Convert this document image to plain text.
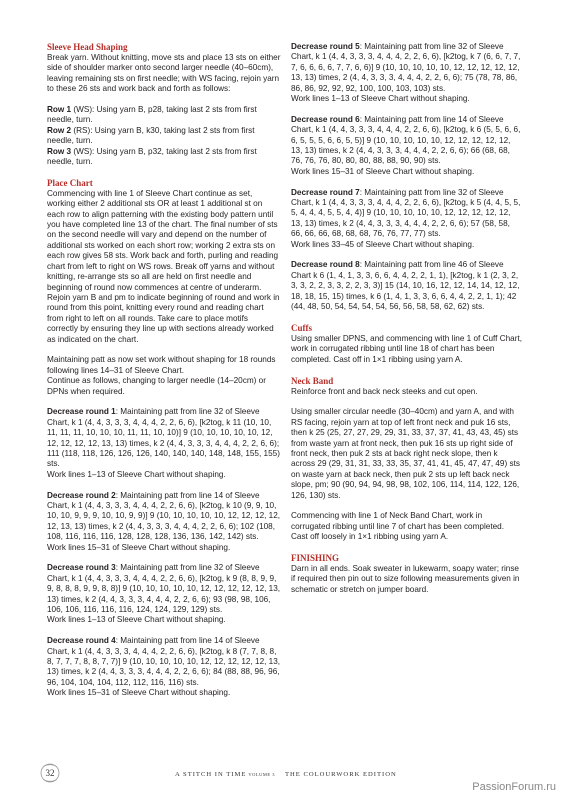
Sleeve Head Shaping

Break yarn. Without knitting, move sts and place 13 sts on either side of shoulder marker onto second larger needle (40–60cm), leaving remaining sts on first needle; with WS facing, rejoin yarn to these 26 sts and work back and forth as follows:

Row 1 (WS): Using yarn B, p28, taking last 2 sts from first needle, turn.

Row 2 (RS): Using yarn B, k30, taking last 2 sts from first needle, turn.

Row 3 (WS): Using yarn B, p32, taking last 2 sts from first needle, turn.

Place Chart

Commencing with line 1 of Sleeve Chart continue as set, working either 2 additional sts OR at least 1 additional st on each row to align patterning with the existing body pattern until you have completed line 13 of the chart. The final number of sts on the second needle will vary and depend on the number of additional sts worked on each short row; working 2 extra sts on each row gives 58 sts. Work back and forth, purling and reading chart from left to right on WS rows. Break off yarns and without knitting, re-arrange sts so all are held on first needle and beginning of round now commences at centre of underarm. Rejoin yarn B and pm to indicate beginning of round and work in round from this point, knitting every round and reading chart from right to left on all rounds. Take care to place motifs correctly by ensuring they line up with sections already worked as indicated on the chart.

Maintaining patt as now set work without shaping for 18 rounds following lines 14–31 of Sleeve Chart.
Continue as follows, changing to larger needle (14–20cm) or DPNs when required.

Decrease round 1: Maintaining patt from line 32 of Sleeve Chart, k 1 (4, 4, 3, 3, 3, 4, 4, 4, 2, 2, 6, 6), [k2tog, k 11 (10, 10, 11, 11, 11, 10, 10, 10, 11, 11, 10, 10)] 9 (10, 10, 10, 10, 10, 12, 12, 12, 12, 12, 13, 13) times, k 2 (4, 4, 3, 3, 3, 4, 4, 4, 2, 2, 6, 6); 111 (118, 118, 126, 126, 126, 140, 140, 140, 148, 148, 155, 155) sts.
Work lines 1–13 of Sleeve Chart without shaping.

Decrease round 2: Maintaining patt from line 14 of Sleeve Chart, k 1 (4, 4, 3, 3, 3, 4, 4, 4, 2, 2, 6, 6), [k2tog, k 10 (9, 9, 10, 10, 10, 9, 9, 9, 10, 10, 9, 9)] 9 (10, 10, 10, 10, 10, 12, 12, 12, 12, 12, 13, 13) times, k 2 (4, 4, 3, 3, 3, 4, 4, 4, 2, 2, 6, 6); 102 (108, 108, 116, 116, 116, 128, 128, 128, 136, 136, 142, 142) sts.
Work lines 15–31 of Sleeve Chart without shaping.

Decrease round 3: Maintaining patt from line 32 of Sleeve Chart, k 1 (4, 4, 3, 3, 3, 4, 4, 4, 2, 2, 6, 6), [k2tog, k 9 (8, 8, 9, 9, 9, 8, 8, 8, 9, 9, 8, 8)] 9 (10, 10, 10, 10, 10, 12, 12, 12, 12, 12, 13, 13) times, k 2 (4, 4, 3, 3, 3, 4, 4, 4, 2, 2, 6, 6); 93 (98, 98, 106, 106, 106, 116, 116, 116, 124, 124, 129, 129) sts.
Work lines 1–13 of Sleeve Chart without shaping.

Decrease round 4: Maintaining patt from line 14 of Sleeve Chart, k 1 (4, 4, 3, 3, 3, 4, 4, 4, 2, 2, 6, 6), [k2tog, k 8 (7, 7, 8, 8, 8, 7, 7, 7, 8, 8, 7, 7)] 9 (10, 10, 10, 10, 10, 12, 12, 12, 12, 12, 13, 13) times, k 2 (4, 4, 3, 3, 3, 4, 4, 4, 2, 2, 6, 6); 84 (88, 88, 96, 96, 96, 104, 104, 104, 112, 112, 116, 116) sts.
Work lines 15–31 of Sleeve Chart without shaping.

Decrease round 5: Maintaining patt from line 32 of Sleeve Chart, k 1 (4, 4, 3, 3, 3, 4, 4, 4, 2, 2, 6, 6), [k2tog, k 7 (6, 6, 7, 7, 7, 6, 6, 6, 6, 7, 7, 6, 6)] 9 (10, 10, 10, 10, 10, 12, 12, 12, 12, 12, 13, 13) times, 2 (4, 4, 3, 3, 3, 4, 4, 4, 2, 2, 6, 6); 75 (78, 78, 86, 86, 86, 92, 92, 92, 100, 100, 103, 103) sts.
Work lines 1–13 of Sleeve Chart without shaping.

Decrease round 6: Maintaining patt from line 14 of Sleeve Chart, k 1 (4, 4, 3, 3, 3, 4, 4, 4, 2, 2, 6, 6), [k2tog, k 6 (5, 5, 6, 6, 6, 5, 5, 5, 6, 6, 5, 5)] 9 (10, 10, 10, 10, 10, 12, 12, 12, 12, 12, 13, 13) times, k 2 (4, 4, 3, 3, 3, 4, 4, 4, 2, 2, 6, 6); 66 (68, 68, 76, 76, 76, 80, 80, 80, 88, 88, 90, 90) sts.
Work lines 15–31 of Sleeve Chart without shaping.

Decrease round 7: Maintaining patt from line 32 of Sleeve Chart, k 1 (4, 4, 3, 3, 3, 4, 4, 4, 2, 2, 6, 6), [k2tog, k 5 (4, 4, 5, 5, 5, 4, 4, 4, 5, 5, 4, 4)] 9 (10, 10, 10, 10, 10, 12, 12, 12, 12, 12, 13, 13) times, k 2 (4, 4, 3, 3, 3, 4, 4, 4, 2, 2, 6, 6); 57 (58, 58, 66, 66, 66, 68, 68, 68, 76, 76, 77, 77) sts.
Work lines 33–45 of Sleeve Chart without shaping.

Decrease round 8: Maintaining patt from line 46 of Sleeve Chart k 6 (1, 4, 1, 3, 3, 6, 6, 4, 4, 2, 2, 1, 1), [k2tog, k 1 (2, 3, 2, 3, 3, 2, 2, 3, 3, 2, 2, 3, 3)] 15 (14, 10, 16, 12, 12, 14, 14, 12, 12, 18, 18, 15, 15) times, k 6 (1, 4, 1, 3, 3, 6, 6, 4, 4, 2, 2, 1, 1); 42 (44, 48, 50, 54, 54, 54, 54, 56, 56, 58, 58, 62, 62) sts.

Cuffs

Using smaller DPNS, and commencing with line 1 of Cuff Chart, work in corrugated ribbing until line 18 of chart has been completed. Cast off in 1×1 ribbing using yarn A.

Neck Band

Reinforce front and back neck steeks and cut open.

Using smaller circular needle (30–40cm) and yarn A, and with RS facing, rejoin yarn at top of left front neck and puk 16 sts, then k 25 (25, 27, 27, 29, 29, 31, 33, 37, 37, 41, 43, 43, 45) sts from waste yarn at front neck, then puk 16 sts up right side of front neck, then puk 2 sts at back right neck slope, then k across 29 (29, 31, 31, 33, 33, 35, 37, 41, 41, 45, 47, 47, 49) sts on waste yarn at back neck, then puk 2 sts up left back neck slope, pm; 90 (90, 94, 94, 98, 98, 102, 106, 114, 114, 122, 126, 126, 130) sts.

Commencing with line 1 of Neck Band Chart, work in corrugated ribbing until line 7 of chart has been completed. Cast off loosely in 1×1 ribbing using yarn A.

FINISHING

Darn in all ends. Soak sweater in lukewarm, soapy water; rinse if required then pin out to size following measurements given in schematic or stretch on jumper board.

32	A STITCH IN TIME VOLUME 3 THE COLOURWORK EDITION
PassionForum.ru
